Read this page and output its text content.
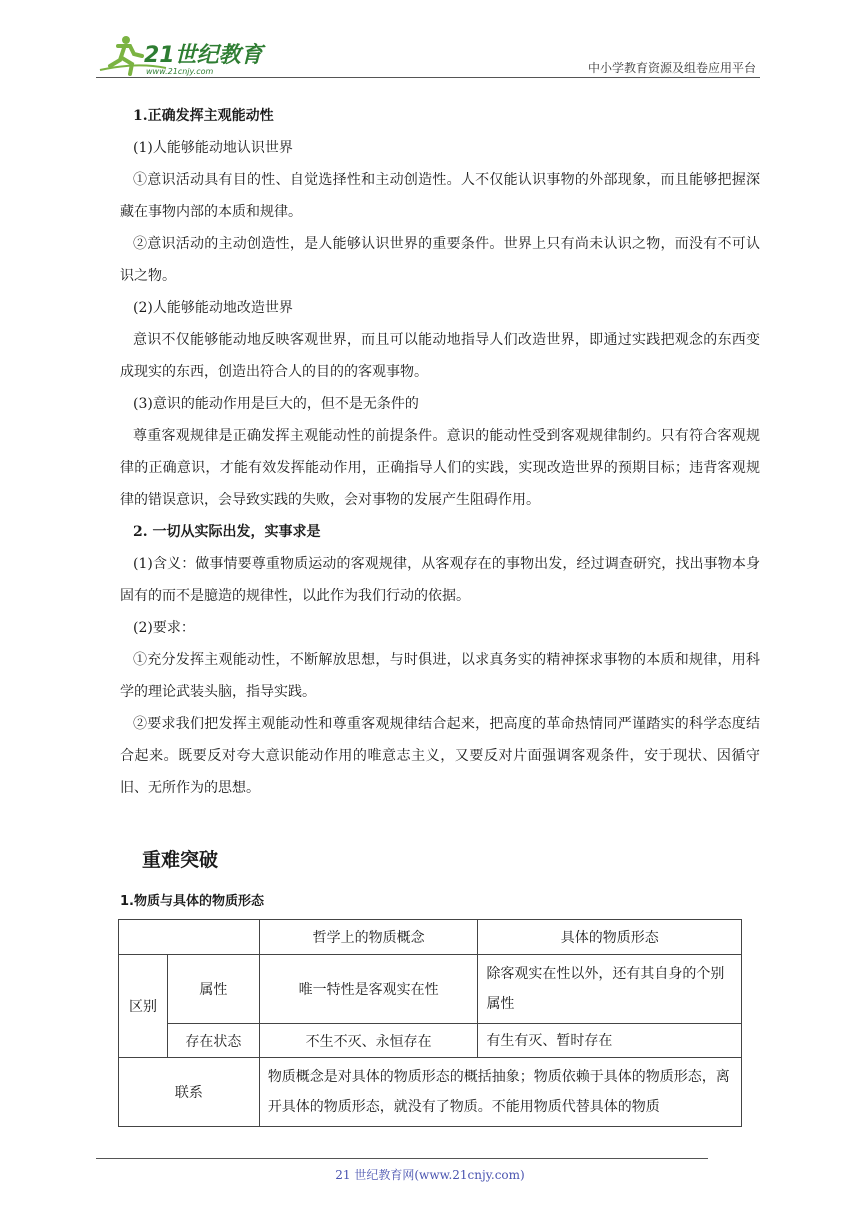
21世纪教育
www.21cnjy.com	中小学教育资源及组卷应用平台

1.正确发挥主观能动性

(1)人能够能动地认识世界

①意识活动具有目的性、自觉选择性和主动创造性。人不仅能认识事物的外部现象，而且能够把握深藏在事物内部的本质和规律。

②意识活动的主动创造性，是人能够认识世界的重要条件。世界上只有尚未认识之物，而没有不可认识之物。

(2)人能够能动地改造世界

意识不仅能够能动地反映客观世界，而且可以能动地指导人们改造世界，即通过实践把观念的东西变成现实的东西，创造出符合人的目的的客观事物。

(3)意识的能动作用是巨大的，但不是无条件的

尊重客观规律是正确发挥主观能动性的前提条件。意识的能动性受到客观规律制约。只有符合客观规律的正确意识，才能有效发挥能动作用，正确指导人们的实践，实现改造世界的预期目标；违背客观规律的错误意识，会导致实践的失败，会对事物的发展产生阻碍作用。

2. 一切从实际出发，实事求是

(1)含义：做事情要尊重物质运动的客观规律，从客观存在的事物出发，经过调查研究，找出事物本身固有的而不是臆造的规律性，以此作为我们行动的依据。

(2)要求：

①充分发挥主观能动性，不断解放思想，与时俱进，以求真务实的精神探求事物的本质和规律，用科学的理论武装头脑，指导实践。

②要求我们把发挥主观能动性和尊重客观规律结合起来，把高度的革命热情同严谨踏实的科学态度结合起来。既要反对夸大意识能动作用的唯意志主义，又要反对片面强调客观条件，安于现状、因循守旧、无所作为的思想。

重难突破
1.物质与具体的物质形态
		哲学上的物质概念	具体的物质形态
区别	属性	唯一特性是客观实在性	除客观实在性以外，还有其自身的个别属性
	存在状态	不生不灭、永恒存在	有生有灭、暂时存在
联系		物质概念是对具体的物质形态的概括抽象；物质依赖于具体的物质形态，离开具体的物质形态，就没有了物质。不能用物质代替具体的物质	
21 世纪教育网(www.21cnjy.com)
